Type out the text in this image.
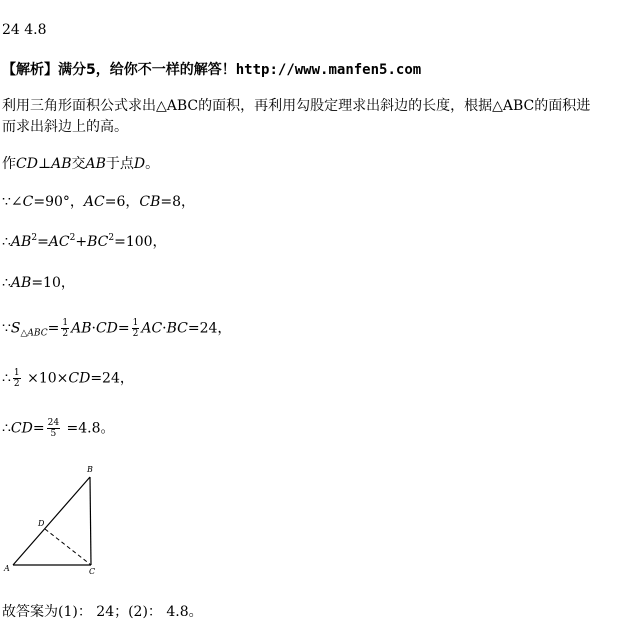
24 4.8
【解析】满分5，给你不一样的解答！http://www.manfen5.com
利用三角形面积公式求出△ABC的面积，再利用勾股定理求出斜边的长度，根据△ABC的面积进
而求出斜边上的高。
作CD⊥AB交AB于点D。
∵∠C=90°，AC=6，CB=8，
$\therefore AB^2=AC^2+BC^2=100$，
∴AB=10，
$\because S_{\triangle ABC}= \frac{1}{2} AB\cdot CD= \frac{1}{2} AC\cdot BC=24$，
∴ $\frac{1}{2} \times 10\times CD=24$，
∴CD= $\frac{24}{5} =4.8$。
A
B
C
D
故答案为(1)： 24；(2)： 4.8。
